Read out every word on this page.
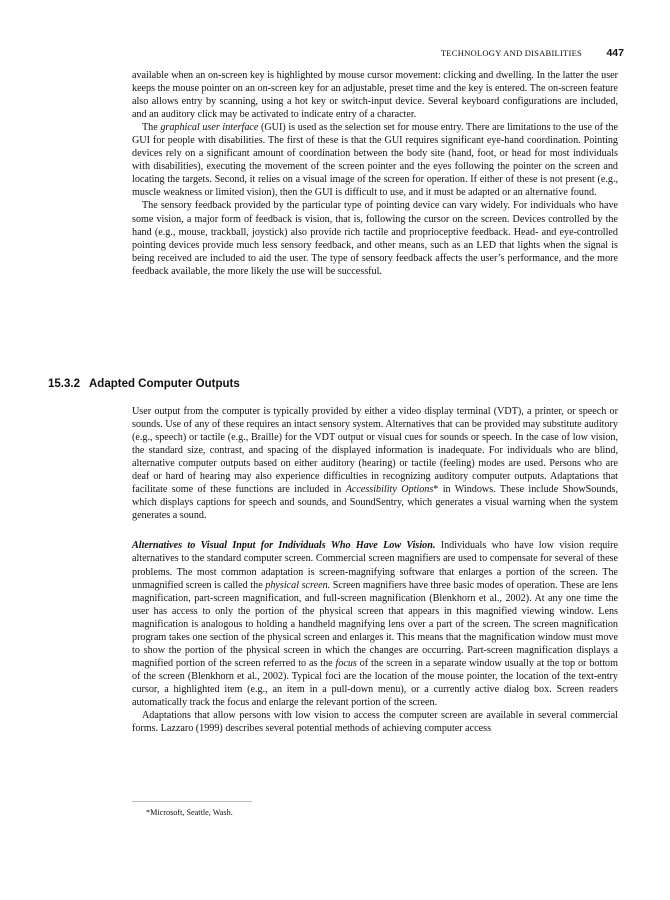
TECHNOLOGY AND DISABILITIES 447

available when an on-screen key is highlighted by mouse cursor movement: clicking and dwelling. In the latter the user keeps the mouse pointer on an on-screen key for an adjustable, preset time and the key is entered. The on-screen feature also allows entry by scanning, using a hot key or switch-input device. Several keyboard configurations are included, and an auditory click may be activated to indicate entry of a character.

The graphical user interface (GUI) is used as the selection set for mouse entry. There are limitations to the use of the GUI for people with disabilities. The first of these is that the GUI requires significant eye-hand coordination. Pointing devices rely on a significant amount of coordination between the body site (hand, foot, or head for most individuals with disabilities), executing the movement of the screen pointer and the eyes following the pointer on the screen and locating the targets. Second, it relies on a visual image of the screen for operation. If either of these is not present (e.g., muscle weakness or limited vision), then the GUI is difficult to use, and it must be adapted or an alternative found.

The sensory feedback provided by the particular type of pointing device can vary widely. For individuals who have some vision, a major form of feedback is vision, that is, following the cursor on the screen. Devices controlled by the hand (e.g., mouse, trackball, joystick) also provide rich tactile and proprioceptive feedback. Head- and eye-controlled pointing devices provide much less sensory feedback, and other means, such as an LED that lights when the signal is being received are included to aid the user. The type of sensory feedback affects the user’s performance, and the more feedback available, the more likely the use will be successful.

15.3.2 Adapted Computer Outputs

User output from the computer is typically provided by either a video display terminal (VDT), a printer, or speech or sounds. Use of any of these requires an intact sensory system. Alternatives that can be provided may substitute auditory (e.g., speech) or tactile (e.g., Braille) for the VDT output or visual cues for sounds or speech. In the case of low vision, the standard size, contrast, and spacing of the displayed information is inadequate. For individuals who are blind, alternative computer outputs based on either auditory (hearing) or tactile (feeling) modes are used. Persons who are deaf or hard of hearing may also experience difficulties in recognizing auditory computer outputs. Adaptations that facilitate some of these functions are included in Accessibility Options* in Windows. These include ShowSounds, which displays captions for speech and sounds, and SoundSentry, which generates a visual warning when the system generates a sound.

Alternatives to Visual Input for Individuals Who Have Low Vision. Individuals who have low vision require alternatives to the standard computer screen. Commercial screen magnifiers are used to compensate for several of these problems. The most common adaptation is screen-magnifying software that enlarges a portion of the screen. The unmagnified screen is called the physical screen. Screen magnifiers have three basic modes of operation. These are lens magnification, part-screen magnification, and full-screen magnification (Blenkhorn et al., 2002). At any one time the user has access to only the portion of the physical screen that appears in this magnified viewing window. Lens magnification is analogous to holding a handheld magnifying lens over a part of the screen. The screen magnification program takes one section of the physical screen and enlarges it. This means that the magnification window must move to show the portion of the physical screen in which the changes are occurring. Part-screen magnification displays a magnified portion of the screen referred to as the focus of the screen in a separate window usually at the top or bottom of the screen (Blenkhorn et al., 2002). Typical foci are the location of the mouse pointer, the location of the text-entry cursor, a highlighted item (e.g., an item in a pull-down menu), or a currently active dialog box. Screen readers automatically track the focus and enlarge the relevant portion of the screen.

Adaptations that allow persons with low vision to access the computer screen are available in several commercial forms. Lazzaro (1999) describes several potential methods of achieving computer access

*Microsoft, Seattle, Wash.
